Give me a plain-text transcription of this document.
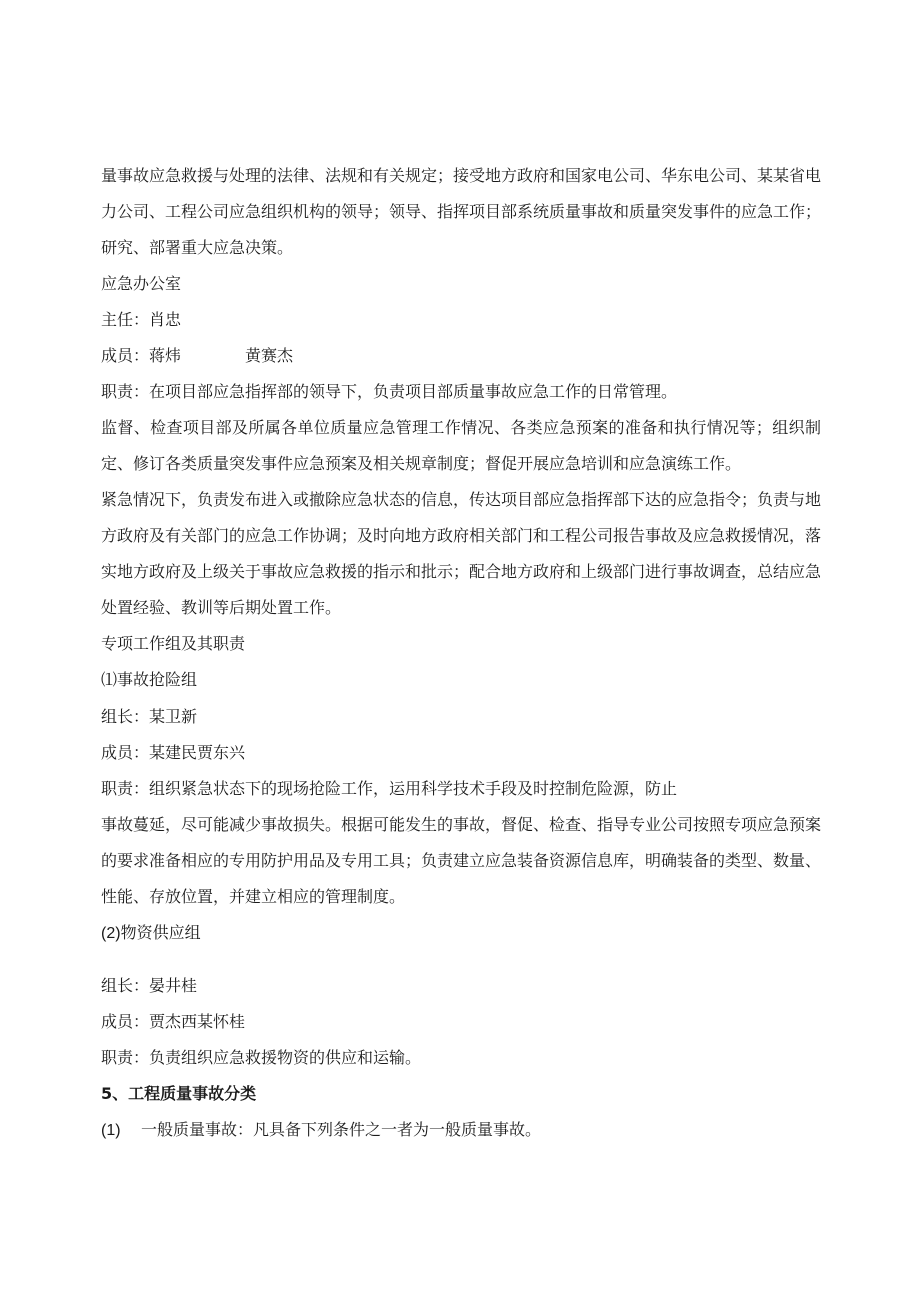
量事故应急救援与处理的法律、法规和有关规定；接受地方政府和国家电公司、华东电公司、某某省电力公司、工程公司应急组织机构的领导；领导、指挥项目部系统质量事故和质量突发事件的应急工作；研究、部署重大应急决策。

应急办公室

主任：肖忠

成员：蒋炜	黄赛杰

职责：在项目部应急指挥部的领导下，负责项目部质量事故应急工作的日常管理。

监督、检查项目部及所属各单位质量应急管理工作情况、各类应急预案的准备和执行情况等；组织制定、修订各类质量突发事件应急预案及相关规章制度；督促开展应急培训和应急演练工作。

紧急情况下，负责发布进入或撤除应急状态的信息，传达项目部应急指挥部下达的应急指令；负责与地方政府及有关部门的应急工作协调；及时向地方政府相关部门和工程公司报告事故及应急救援情况，落实地方政府及上级关于事故应急救援的指示和批示；配合地方政府和上级部门进行事故调查，总结应急处置经验、教训等后期处置工作。

专项工作组及其职责

⑴事故抢险组

组长：某卫新

成员：某建民贾东兴

职责：组织紧急状态下的现场抢险工作，运用科学技术手段及时控制危险源，防止

事故蔓延，尽可能减少事故损失。根据可能发生的事故，督促、检查、指导专业公司按照专项应急预案的要求准备相应的专用防护用品及专用工具；负责建立应急装备资源信息库，明确装备的类型、数量、性能、存放位置，并建立相应的管理制度。

(2)物资供应组

组长：晏井桂

成员：贾杰西某怀桂

职责：负责组织应急救援物资的供应和运输。

5、工程质量事故分类

(1) 一般质量事故：凡具备下列条件之一者为一般质量事故。
